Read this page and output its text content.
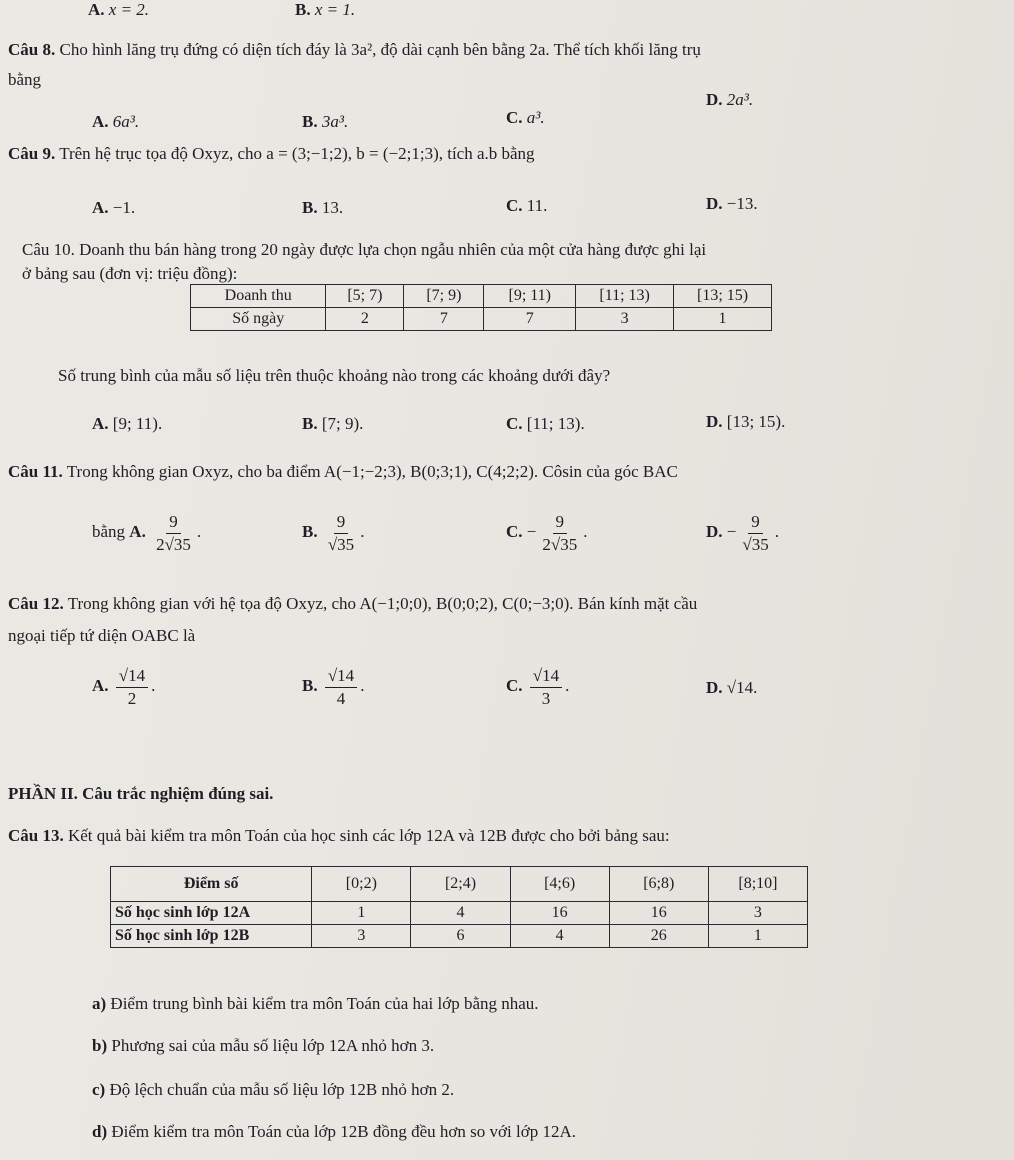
A. x = 2.	B. x = 1.
Câu 8. Cho hình lăng trụ đứng có diện tích đáy là 3a², độ dài cạnh bên bằng 2a. Thể tích khối lăng trụ
bằng
A. 6a³.	B. 3a³.	C. a³.
D. 2a³.
Câu 9. Trên hệ trục tọa độ Oxyz, cho a = (3;−1;2), b = (−2;1;3), tích a.b bằng
A. −1.	B. 13.	C. 11.	D. −13.
Câu 10. Doanh thu bán hàng trong 20 ngày được lựa chọn ngẫu nhiên của một cửa hàng được ghi lại
ở bảng sau (đơn vị: triệu đồng):
Doanh thu	[5; 7)	[7; 9)	[9; 11)	[11; 13)	[13; 15)
Số ngày	2	7	7	3	1
Số trung bình của mẫu số liệu trên thuộc khoảng nào trong các khoảng dưới đây?
A. [9; 11).	B. [7; 9).	C. [11; 13).	D. [13; 15).
Câu 11. Trong không gian Oxyz, cho ba điểm A(−1;−2;3), B(0;3;1), C(4;2;2). Côsin của góc BAC
bằng A. $\frac{9}{2√35}$ .	B. $\frac{9}{√35}$ .	C. − $\frac{9}{2√35}$ .	D. − $\frac{9}{√35}$ .
Câu 12. Trong không gian với hệ tọa độ Oxyz, cho A(−1;0;0), B(0;0;2), C(0;−3;0). Bán kính mặt cầu
ngoại tiếp tứ diện OABC là
A. $\frac{√14}{2}$ .	B. $\frac{√14}{4}$ .	C. $\frac{√14}{3}$ .	D. √14.
PHẦN II. Câu trắc nghiệm đúng sai.
Câu 13. Kết quả bài kiểm tra môn Toán của học sinh các lớp 12A và 12B được cho bởi bảng sau:
Điểm số	[0;2)	[2;4)	[4;6)	[6;8)	[8;10]
Số học sinh lớp 12A	1	4	16	16	3
Số học sinh lớp 12B	3	6	4	26	1
a) Điểm trung bình bài kiểm tra môn Toán của hai lớp bằng nhau.
b) Phương sai của mẫu số liệu lớp 12A nhỏ hơn 3.
c) Độ lệch chuẩn của mẫu số liệu lớp 12B nhỏ hơn 2.
d) Điểm kiểm tra môn Toán của lớp 12B đồng đều hơn so với lớp 12A.
